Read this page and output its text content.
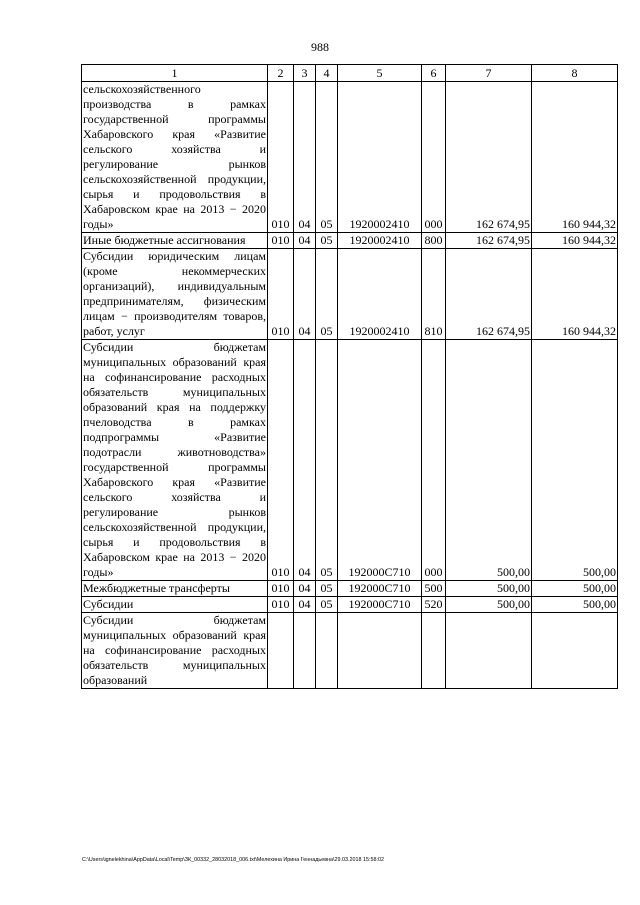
988
1	2	3	4	5	6	7	8
сельскохозяйственного производства в рамках государственной программы Хабаровского края «Развитие сельского хозяйства и регулирование рынков сельскохозяйственной продукции, сырья и продовольствия в Хабаровском крае на 2013 − 2020 годы»	010	04	05	1920002410	000	162 674,95	160 944,32
Иные бюджетные ассигнования	010	04	05	1920002410	800	162 674,95	160 944,32
Субсидии юридическим лицам (кроме некоммерческих организаций), индивидуальным предпринимателям, физическим лицам − производителям товаров, работ, услуг	010	04	05	1920002410	810	162 674,95	160 944,32
Субсидии бюджетам муниципальных образований края на софинансирование расходных обязательств муниципальных образований края на поддержку пчеловодства в рамках подпрограммы «Развитие подотрасли животноводства» государственной программы Хабаровского края «Развитие сельского хозяйства и регулирование рынков сельскохозяйственной продукции, сырья и продовольствия в Хабаровском крае на 2013 − 2020 годы»	010	04	05	192000С710	000	500,00	500,00
Межбюджетные трансферты	010	04	05	192000С710	500	500,00	500,00
Субсидии	010	04	05	192000С710	520	500,00	500,00
Субсидии бюджетам муниципальных образований края на софинансирование расходных обязательств муниципальных образований							
C:\Users\ignelekhina\AppData\Local\Temp\ЗК_00332_28032018_006.txt\Мелехина Ирина Геннадьевна\29.03.2018 15:58:02
